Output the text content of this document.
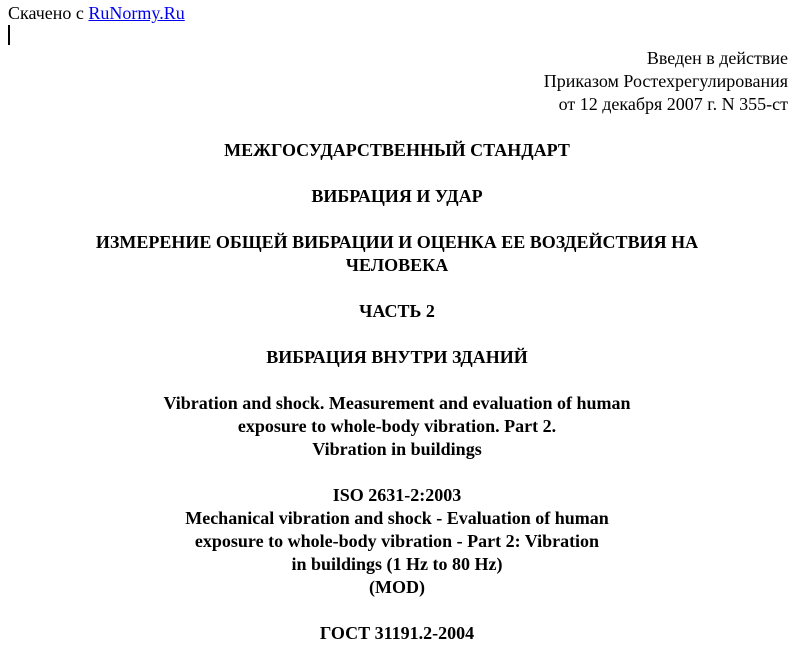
Скачено с RuNormy.Ru
Введен в действие
Приказом Ростехрегулирования
от 12 декабря 2007 г. N 355-ст
МЕЖГОСУДАРСТВЕННЫЙ СТАНДАРТ
ВИБРАЦИЯ И УДАР
ИЗМЕРЕНИЕ ОБЩЕЙ ВИБРАЦИИ И ОЦЕНКА ЕЕ ВОЗДЕЙСТВИЯ НА
ЧЕЛОВЕКА
ЧАСТЬ 2
ВИБРАЦИЯ ВНУТРИ ЗДАНИЙ
Vibration and shock. Measurement and evaluation of human
exposure to whole-body vibration. Part 2.
Vibration in buildings
ISO 2631-2:2003
Mechanical vibration and shock - Evaluation of human
exposure to whole-body vibration - Part 2: Vibration
in buildings (1 Hz to 80 Hz)
(MOD)
ГОСТ 31191.2-2004
